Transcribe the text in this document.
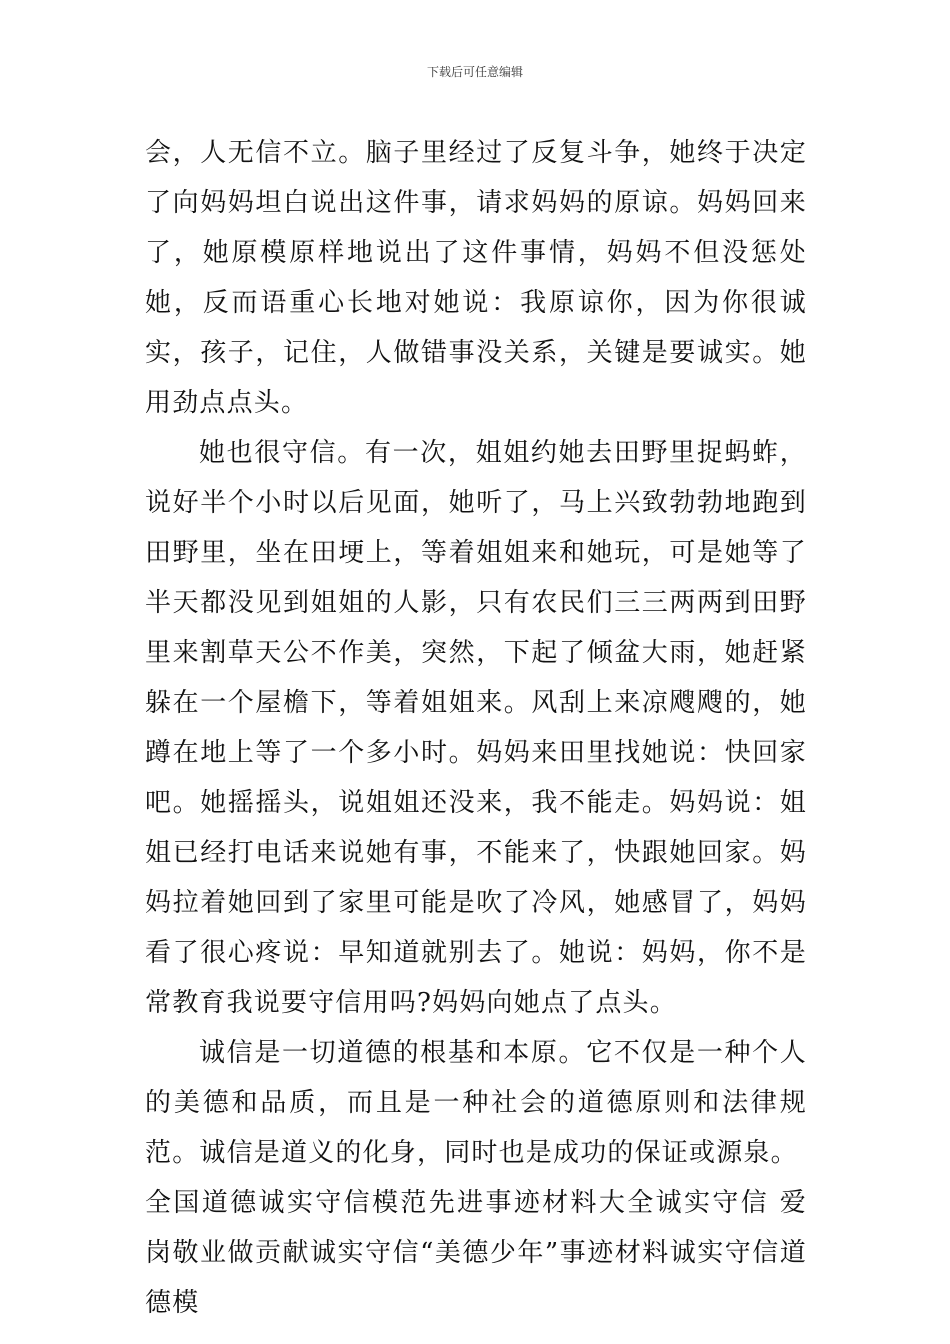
下载后可任意编辑

会，人无信不立。脑子里经过了反复斗争，她终于决定了向妈妈坦白说出这件事，请求妈妈的原谅。妈妈回来了，她原模原样地说出了这件事情，妈妈不但没惩处她，反而语重心长地对她说：我原谅你，因为你很诚实，孩子，记住，人做错事没关系，关键是要诚实。她用劲点点头。

她也很守信。有一次，姐姐约她去田野里捉蚂蚱，说好半个小时以后见面，她听了，马上兴致勃勃地跑到田野里，坐在田埂上，等着姐姐来和她玩，可是她等了半天都没见到姐姐的人影，只有农民们三三两两到田野里来割草天公不作美，突然，下起了倾盆大雨，她赶紧躲在一个屋檐下，等着姐姐来。风刮上来凉飕飕的，她蹲在地上等了一个多小时。妈妈来田里找她说：快回家吧。她摇摇头，说姐姐还没来，我不能走。妈妈说：姐姐已经打电话来说她有事，不能来了，快跟她回家。妈妈拉着她回到了家里可能是吹了冷风，她感冒了，妈妈看了很心疼说：早知道就别去了。她说：妈妈，你不是常教育我说要守信用吗?妈妈向她点了点头。

诚信是一切道德的根基和本原。它不仅是一种个人的美德和品质，而且是一种社会的道德原则和法律规范。诚信是道义的化身，同时也是成功的保证或源泉。

全国道德诚实守信模范先进事迹材料大全诚实守信 爱岗敬业做贡献诚实守信“美德少年”事迹材料诚实守信道德模
